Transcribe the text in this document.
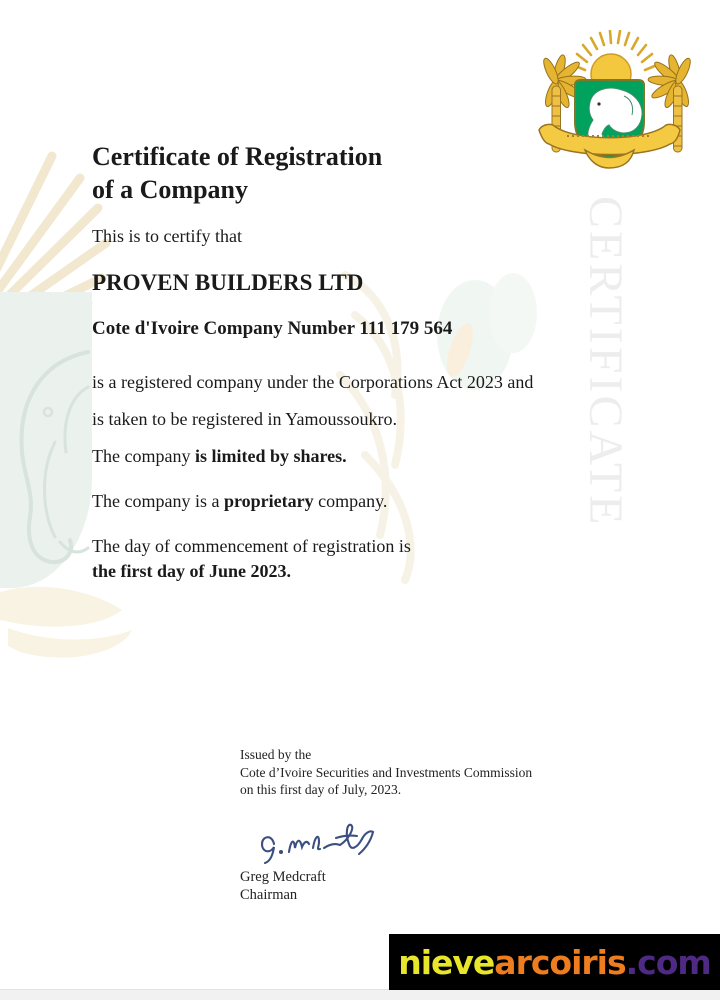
CERTIFICATE
Certificate of Registration
of a Company

This is to certify that

PROVEN BUILDERS LTD

Cote d'Ivoire Company Number 111 179 564

is a registered company under the Corporations Act 2023 and
is taken to be registered in Yamoussoukro.

The company is limited by shares.

The company is a proprietary company.

The day of commencement of registration is
the first day of June 2023.

Issued by the
Cote d’Ivoire Securities and Investments Commission
on this first day of July, 2023.
Greg Medcraft
Chairman
nieve arcoiris .com
